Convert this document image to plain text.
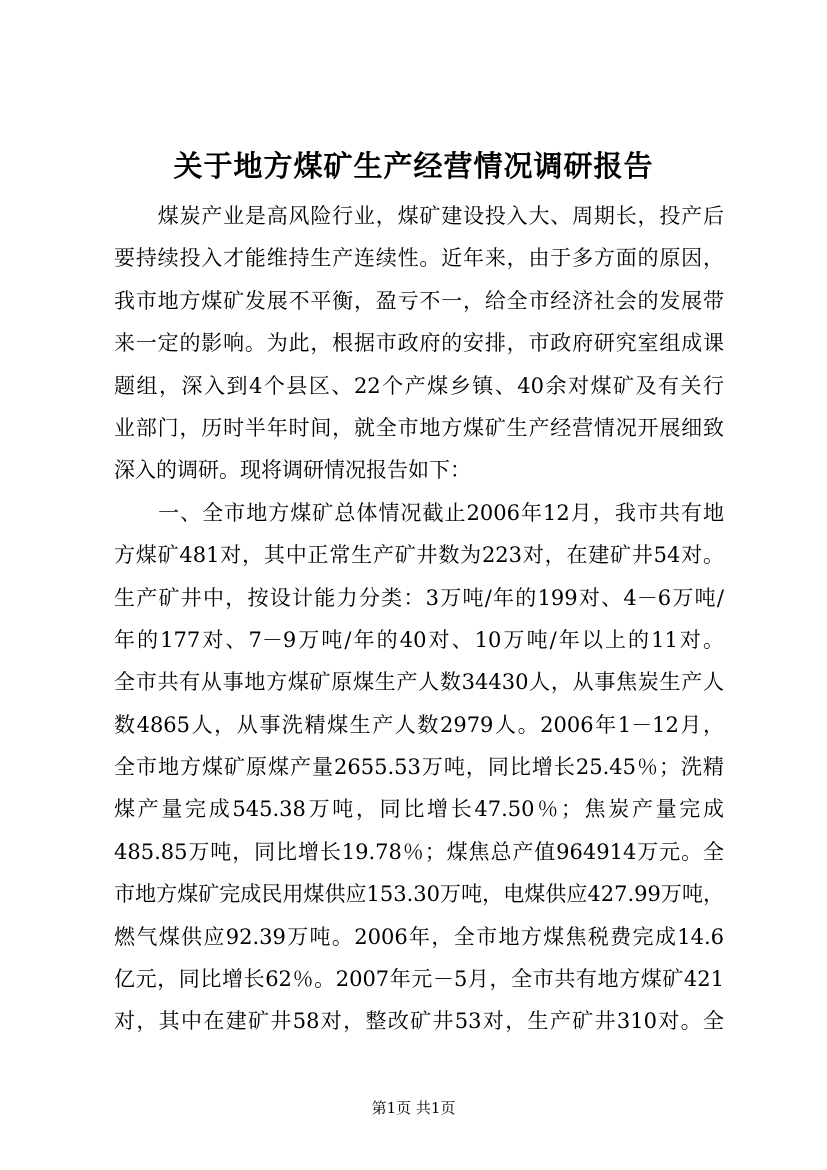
关于地方煤矿生产经营情况调研报告
　　煤炭产业是高风险行业，煤矿建设投入大、周期长，投产后
要持续投入才能维持生产连续性。近年来，由于多方面的原因，
我市地方煤矿发展不平衡，盈亏不一，给全市经济社会的发展带
来一定的影响。为此，根据市政府的安排，市政府研究室组成课
题组，深入到4个县区、22个产煤乡镇、40余对煤矿及有关行
业部门，历时半年时间，就全市地方煤矿生产经营情况开展细致
深入的调研。现将调研情况报告如下：
　　一、全市地方煤矿总体情况截止2006年12月，我市共有地
方煤矿481对，其中正常生产矿井数为223对，在建矿井54对。
生产矿井中，按设计能力分类：3万吨/年的199对、4－6万吨/
年的177对、7－9万吨/年的40对、10万吨/年以上的11对。
全市共有从事地方煤矿原煤生产人数34430人，从事焦炭生产人
数4865人，从事洗精煤生产人数2979人。2006年1－12月，
全市地方煤矿原煤产量2655.53万吨，同比增长25.45％；洗精
煤产量完成545.38万吨，同比增长47.50％；焦炭产量完成
485.85万吨，同比增长19.78％；煤焦总产值964914万元。全
市地方煤矿完成民用煤供应153.30万吨，电煤供应427.99万吨，
燃气煤供应92.39万吨。2006年，全市地方煤焦税费完成14.6
亿元，同比增长62％。2007年元－5月，全市共有地方煤矿421
对，其中在建矿井58对，整改矿井53对，生产矿井310对。全
第1页 共1页
